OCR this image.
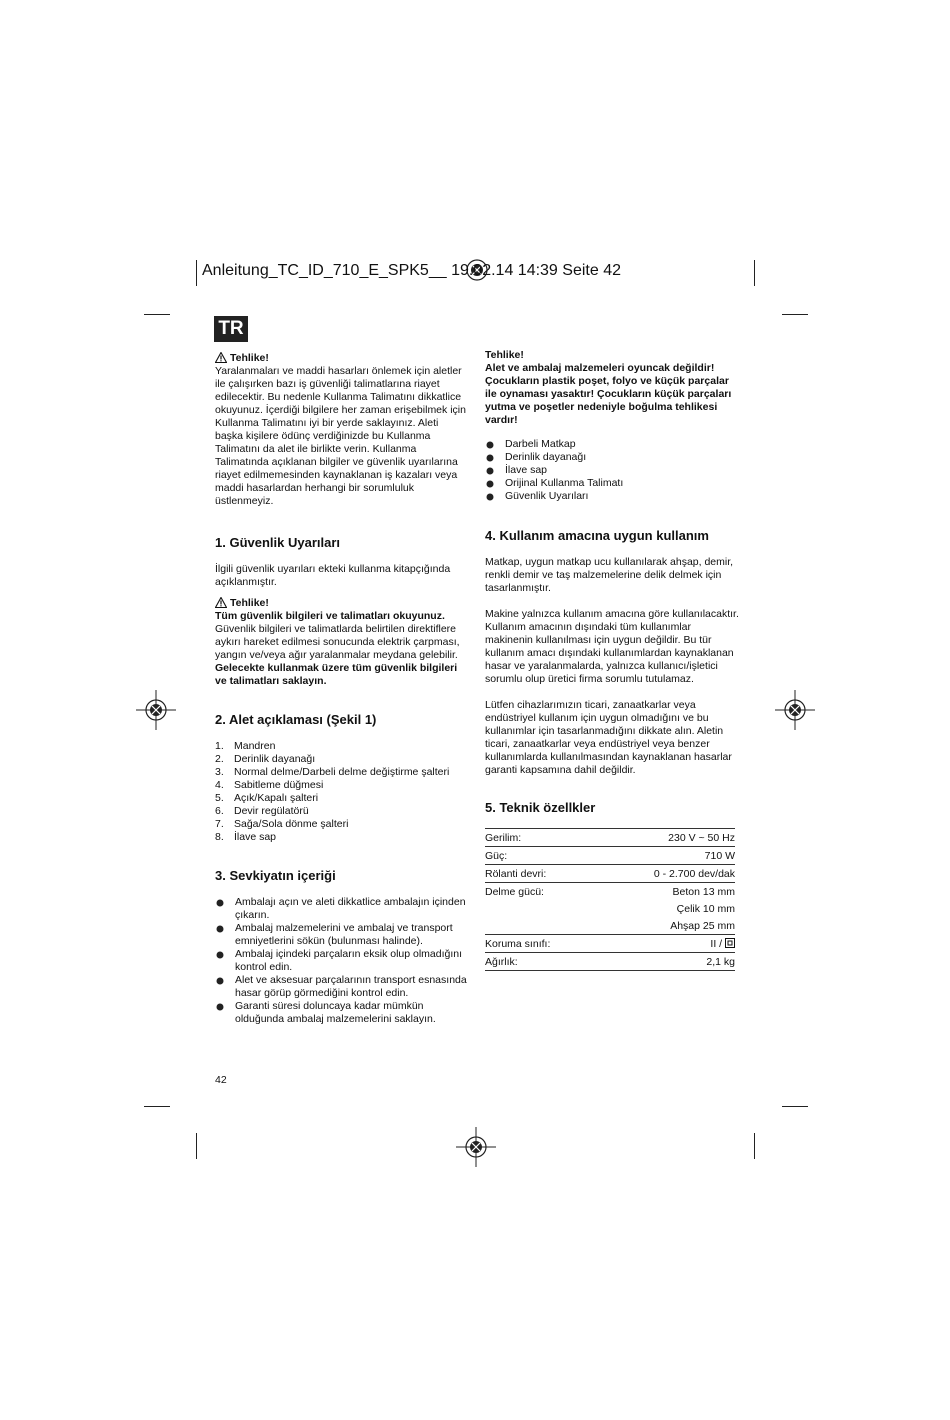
Anleitung_TC_ID_710_E_SPK5__ 19.02.14 14:39 Seite 42
TR

Tehlike!

Yaralanmaları ve maddi hasarları önlemek için aletler ile çalışırken bazı iş güvenliği talimatlarına riayet edilecektir. Bu nedenle Kullanma Talimatını dikkatlice okuyunuz. İçerdiği bilgilere her zaman erişebilmek için Kullanma Talimatını iyi bir yerde saklayınız. Aleti başka kişilere ödünç verdiğinizde bu Kullanma Talimatını da alet ile birlikte verin. Kullanma Talimatında açıklanan bilgiler ve güvenlik uyarılarına riayet edilmemesinden kaynaklanan iş kazaları veya maddi hasarlardan herhangi bir sorumluluk üstlenmeyiz.

1. Güvenlik Uyarıları

İlgili güvenlik uyarıları ekteki kullanma kitapçığında açıklanmıştır.

Tehlike!

Tüm güvenlik bilgileri ve talimatları okuyunuz.

Güvenlik bilgileri ve talimatlarda belirtilen direktiflere aykırı hareket edilmesi sonucunda elektrik çarpması, yangın ve/veya ağır yaralanmalar meydana gelebilir.

Gelecekte kullanmak üzere tüm güvenlik bilgileri ve talimatları saklayın.

2. Alet açıklaması (Şekil 1)
1. Mandren
2. Derinlik dayanağı
3. Normal delme/Darbeli delme değiştirme şalteri
4. Sabitleme düğmesi
5. Açık/Kapalı şalteri
6. Devir regülatörü
7. Sağa/Sola dönme şalteri
8. İlave sap
3. Sevkiyatın içeriği
Ambalajı açın ve aleti dikkatlice ambalajın içinden çıkarın.
Ambalaj malzemelerini ve ambalaj ve transport emniyetlerini sökün (bulunması halinde).
Ambalaj içindeki parçaların eksik olup olmadığını kontrol edin.
Alet ve aksesuar parçalarının transport esnasında hasar görüp görmediğini kontrol edin.
Garanti süresi doluncaya kadar mümkün olduğunda ambalaj malzemelerini saklayın.
42

Tehlike!
Alet ve ambalaj malzemeleri oyuncak değildir! Çocukların plastik poşet, folyo ve küçük parçalar ile oynaması yasaktır! Çocukların küçük parçaları yutma ve poşetler nedeniyle boğulma tehlikesi vardır!

Darbeli Matkap
Derinlik dayanağı
İlave sap
Orijinal Kullanma Talimatı
Güvenlik Uyarıları
4. Kullanım amacına uygun kullanım

Matkap, uygun matkap ucu kullanılarak ahşap, demir, renkli demir ve taş malzemelerine delik delmek için tasarlanmıştır.

Makine yalnızca kullanım amacına göre kullanılacaktır. Kullanım amacının dışındaki tüm kullanımlar makinenin kullanılması için uygun değildir. Bu tür kullanım amacı dışındaki kullanımlardan kaynaklanan hasar ve yaralanmalarda, yalnızca kullanıcı/işletici sorumlu olup üretici firma sorumlu tutulamaz.

Lütfen cihazlarımızın ticari, zanaatkarlar veya endüstriyel kullanım için uygun olmadığını ve bu kullanımlar için tasarlanmadığını dikkate alın. Aletin ticari, zanaatkarlar veya endüstriyel veya benzer kullanımlarda kullanılmasından kaynaklanan hasarlar garanti kapsamına dahil değildir.

5. Teknik özellkler
Gerilim:	230 V ~ 50 Hz
Güç:	710 W
Rölanti devri:	0 - 2.700 dev/dak
Delme gücü:	Beton 13 mm
	Çelik 10 mm
	Ahşap 25 mm
Koruma sınıfı:	II /
Ağırlık:	2,1 kg
